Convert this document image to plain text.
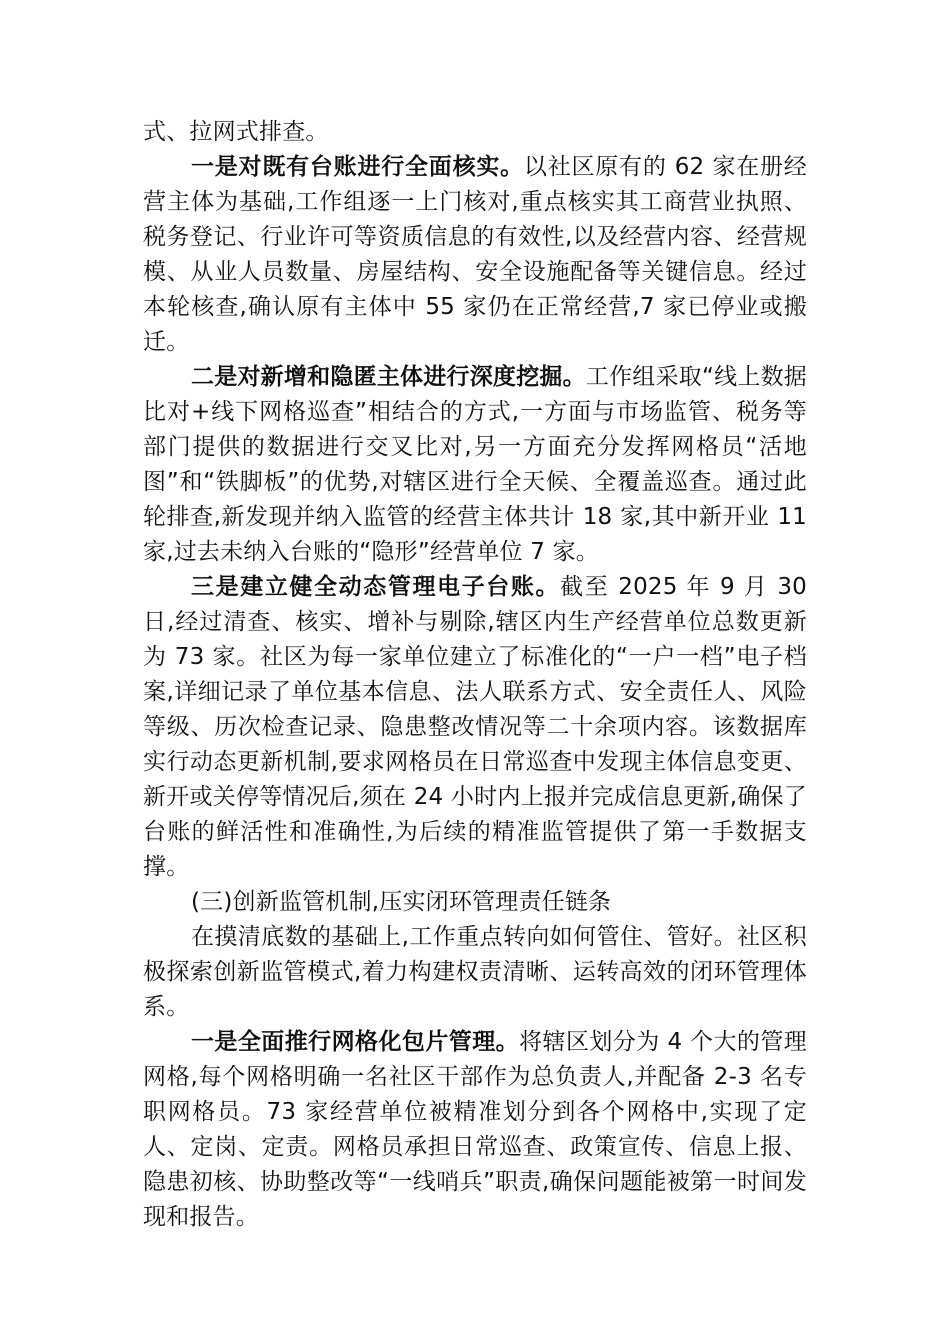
式、拉网式排查。

一是对既有台账进行全面核实。以社区原有的 62 家在册经营主体为基础,工作组逐一上门核对,重点核实其工商营业执照、税务登记、行业许可等资质信息的有效性,以及经营内容、经营规模、从业人员数量、房屋结构、安全设施配备等关键信息。经过本轮核查,确认原有主体中 55 家仍在正常经营,7 家已停业或搬迁。

二是对新增和隐匿主体进行深度挖掘。工作组采取“线上数据比对+线下网格巡查”相结合的方式,一方面与市场监管、税务等部门提供的数据进行交叉比对,另一方面充分发挥网格员“活地图”和“铁脚板”的优势,对辖区进行全天候、全覆盖巡查。通过此轮排查,新发现并纳入监管的经营主体共计 18 家,其中新开业 11 家,过去未纳入台账的“隐形”经营单位 7 家。

三是建立健全动态管理电子台账。截至 2025 年 9 月 30 日,经过清查、核实、增补与剔除,辖区内生产经营单位总数更新为 73 家。社区为每一家单位建立了标准化的“一户一档”电子档案,详细记录了单位基本信息、法人联系方式、安全责任人、风险等级、历次检查记录、隐患整改情况等二十余项内容。该数据库实行动态更新机制,要求网格员在日常巡查中发现主体信息变更、新开或关停等情况后,须在 24 小时内上报并完成信息更新,确保了台账的鲜活性和准确性,为后续的精准监管提供了第一手数据支撑。

(三)创新监管机制,压实闭环管理责任链条

在摸清底数的基础上,工作重点转向如何管住、管好。社区积极探索创新监管模式,着力构建权责清晰、运转高效的闭环管理体系。

一是全面推行网格化包片管理。将辖区划分为 4 个大的管理网格,每个网格明确一名社区干部作为总负责人,并配备 2-3 名专职网格员。73 家经营单位被精准划分到各个网格中,实现了定人、定岗、定责。网格员承担日常巡查、政策宣传、信息上报、隐患初核、协助整改等“一线哨兵”职责,确保问题能被第一时间发现和报告。
